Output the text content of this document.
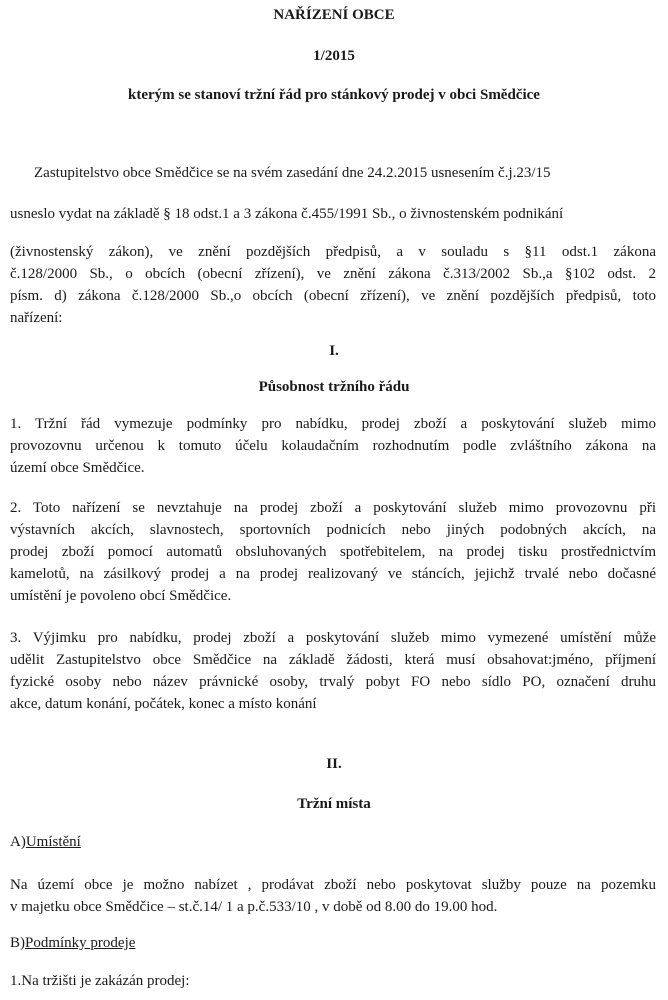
NAŘÍZENÍ OBCE

1/2015

kterým se stanoví tržní řád pro stánkový prodej v obci Smědčice

Zastupitelstvo obce Smědčice se na svém zasedání dne 24.2.2015 usnesením č.j.23/15

usneslo vydat na základě § 18 odst.1 a 3 zákona č.455/1991 Sb., o živnostenském podnikání

(živnostenský zákon), ve znění pozdějších předpisů, a v souladu s §11 odst.1 zákona
č.128/2000 Sb., o obcích (obecní zřízení), ve znění zákona č.313/2002 Sb.,a §102 odst. 2
písm. d) zákona č.128/2000 Sb.,o obcích (obecní zřízení), ve znění pozdějších předpisů, toto
nařízení:

I.

Působnost tržního řádu

1. Tržní řád vymezuje podmínky pro nabídku, prodej zboží a poskytování služeb mimo
provozovnu určenou k tomuto účelu kolaudačním rozhodnutím podle zvláštního zákona na
území obce Smědčice.
2. Toto nařízení se nevztahuje na prodej zboží a poskytování služeb mimo provozovnu při
výstavních akcích, slavnostech, sportovních podnicích nebo jiných podobných akcích, na
prodej zboží pomocí automatů obsluhovaných spotřebitelem, na prodej tisku prostřednictvím
kamelotů, na zásilkový prodej a na prodej realizovaný ve stáncích, jejichž trvalé nebo dočasné
umístění je povoleno obcí Smědčice.
3. Výjimku pro nabídku, prodej zboží a poskytování služeb mimo vymezené umístění může
udělit Zastupitelstvo obce Smědčice na základě žádosti, která musí obsahovat:jméno, příjmení
fyzické osoby nebo název právnické osoby, trvalý pobyt FO nebo sídlo PO, označení druhu
akce, datum konání, počátek, konec a místo konání

II.

Tržní místa

A)Umístění

Na území obce je možno nabízet , prodávat zboží nebo poskytovat služby pouze na pozemku
v majetku obce Smědčice – st.č.14/ 1 a p.č.533/10 , v době od 8.00 do 19.00 hod.

B)Podmínky prodeje

1.Na tržišti je zakázán prodej:
